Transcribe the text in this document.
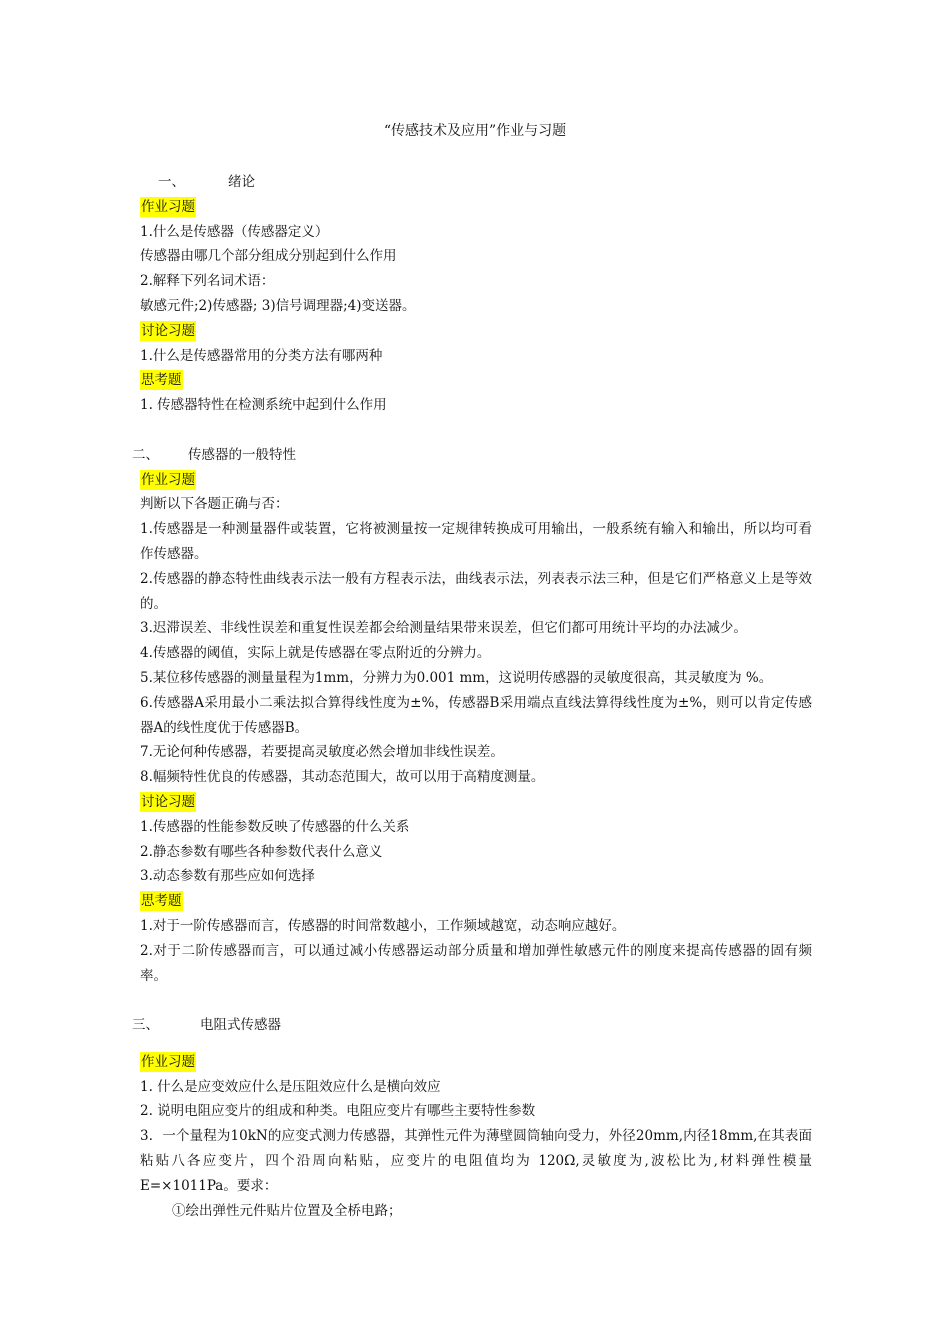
“传感技术及应用”作业与习题
一、	绪论

作业习题

1.什么是传感器（传感器定义）

传感器由哪几个部分组成分别起到什么作用

2.解释下列名词术语：

敏感元件;2)传感器; 3)信号调理器;4)变送器。

讨论习题

1.什么是传感器常用的分类方法有哪两种

思考题

1. 传感器特性在检测系统中起到什么作用

二、 传感器的一般特性

作业习题

判断以下各题正确与否：

1.传感器是一种测量器件或装置，它将被测量按一定规律转换成可用输出，一般系统有输入和输出，所以均可看作传感器。

2.传感器的静态特性曲线表示法一般有方程表示法，曲线表示法，列表表示法三种，但是它们严格意义上是等效的。

3.迟滞误差、非线性误差和重复性误差都会给测量结果带来误差，但它们都可用统计平均的办法减少。

4.传感器的阈值，实际上就是传感器在零点附近的分辨力。

5.某位移传感器的测量量程为1mm，分辨力为0.001 mm，这说明传感器的灵敏度很高，其灵敏度为 %。

6.传感器A采用最小二乘法拟合算得线性度为±%，传感器B采用端点直线法算得线性度为±%，则可以肯定传感器A的线性度优于传感器B。

7.无论何种传感器，若要提高灵敏度必然会增加非线性误差。

8.幅频特性优良的传感器，其动态范围大，故可以用于高精度测量。

讨论习题

1.传感器的性能参数反映了传感器的什么关系

2.静态参数有哪些各种参数代表什么意义

3.动态参数有那些应如何选择

思考题

1.对于一阶传感器而言，传感器的时间常数越小，工作频域越宽，动态响应越好。

2.对于二阶传感器而言，可以通过减小传感器运动部分质量和增加弹性敏感元件的刚度来提高传感器的固有频率。

三、	电阻式传感器

作业习题

1. 什么是应变效应什么是压阻效应什么是横向效应

2. 说明电阻应变片的组成和种类。电阻应变片有哪些主要特性参数

3．一个量程为10kN的应变式测力传感器，其弹性元件为薄壁圆筒轴向受力，外径20mm,内径18mm,在其表面粘贴八各应变片，四个沿周向粘贴，应变片的电阻值均为 120Ω,灵敏度为,波松比为,材料弹性模量E=×1011Pa。要求：

①绘出弹性元件贴片位置及全桥电路；
